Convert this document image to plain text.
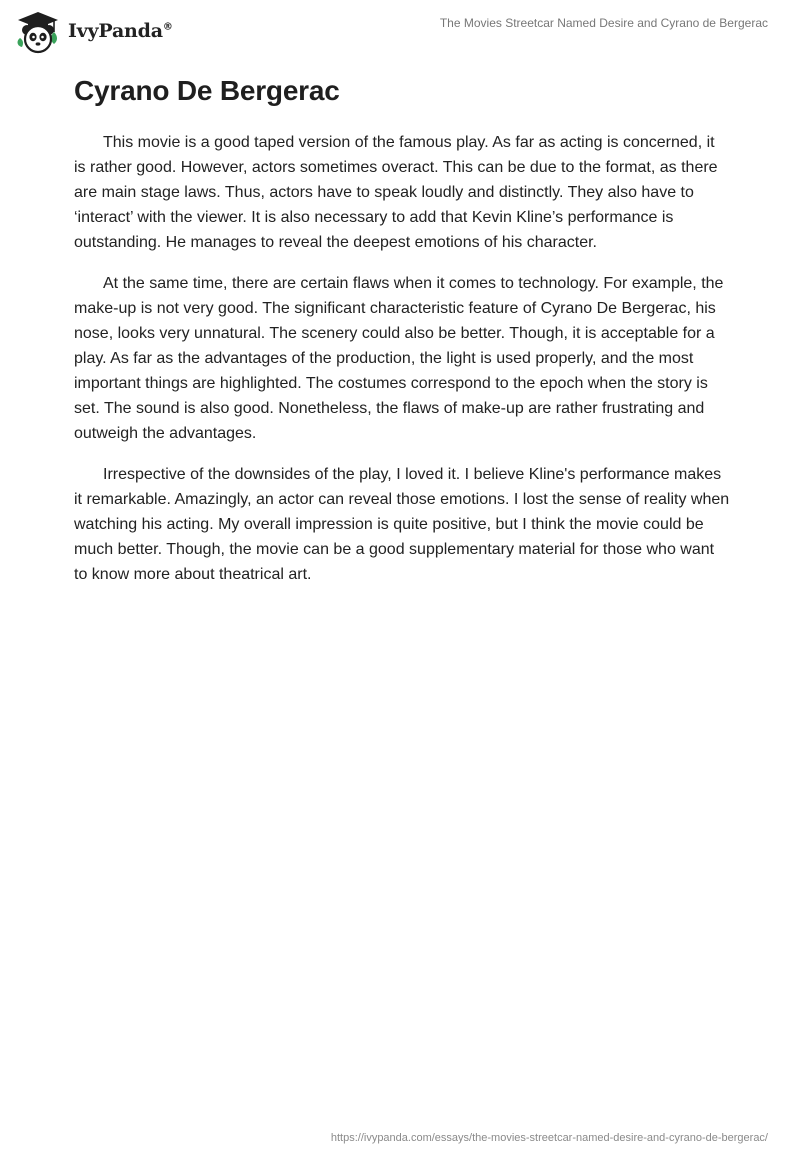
IvyPanda®	The Movies Streetcar Named Desire and Cyrano de Bergerac
Cyrano De Bergerac

This movie is a good taped version of the famous play. As far as acting is concerned, it is rather good. However, actors sometimes overact. This can be due to the format, as there are main stage laws. Thus, actors have to speak loudly and distinctly. They also have to ‘interact’ with the viewer. It is also necessary to add that Kevin Kline’s performance is outstanding. He manages to reveal the deepest emotions of his character.

At the same time, there are certain flaws when it comes to technology. For example, the make-up is not very good. The significant characteristic feature of Cyrano De Bergerac, his nose, looks very unnatural. The scenery could also be better. Though, it is acceptable for a play. As far as the advantages of the production, the light is used properly, and the most important things are highlighted. The costumes correspond to the epoch when the story is set. The sound is also good. Nonetheless, the flaws of make-up are rather frustrating and outweigh the advantages.

Irrespective of the downsides of the play, I loved it. I believe Kline's performance makes it remarkable. Amazingly, an actor can reveal those emotions. I lost the sense of reality when watching his acting. My overall impression is quite positive, but I think the movie could be much better. Though, the movie can be a good supplementary material for those who want to know more about theatrical art.

https://ivypanda.com/essays/the-movies-streetcar-named-desire-and-cyrano-de-bergerac/
